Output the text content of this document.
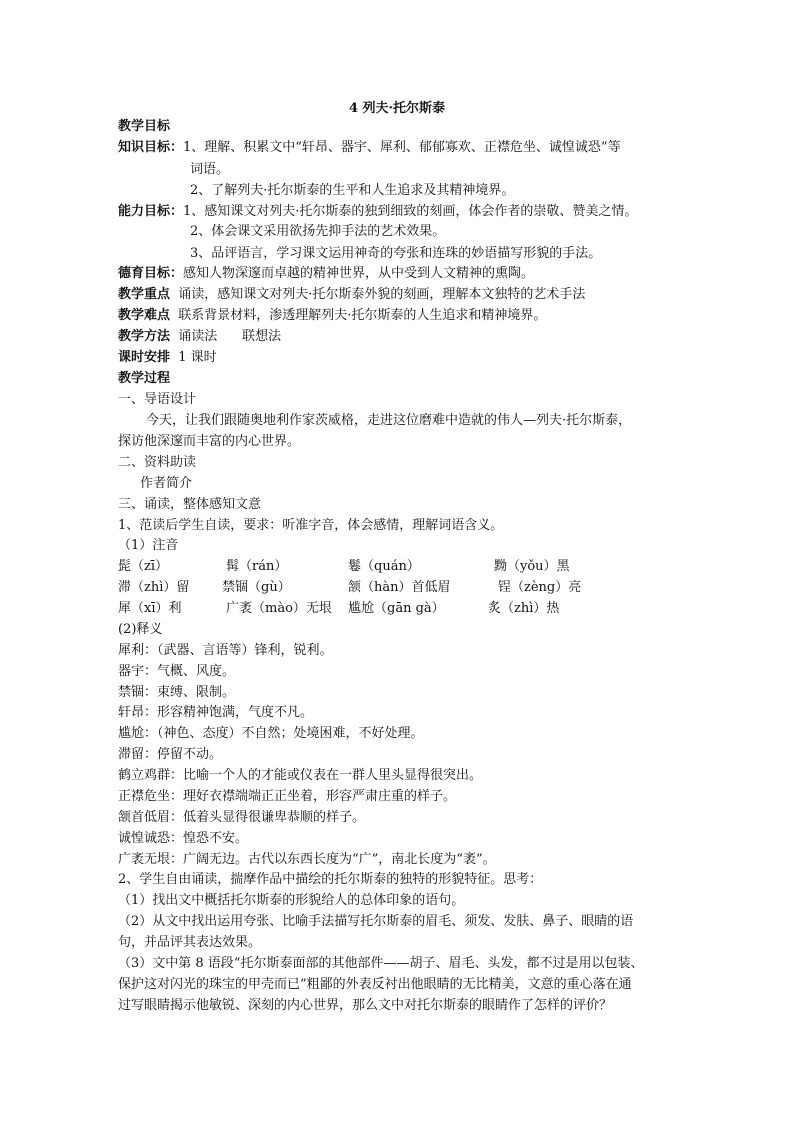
4 列夫·托尔斯泰
教学目标
知识目标：1、理解、积累文中“轩昂、器宇、犀利、郁郁寡欢、正襟危坐、诚惶诚恐”等
词语。
2、了解列夫·托尔斯泰的生平和人生追求及其精神境界。
能力目标：1、感知课文对列夫·托尔斯泰的独到细致的刻画，体会作者的崇敬、赞美之情。
2、体会课文采用欲扬先抑手法的艺术效果。
3、品评语言，学习课文运用神奇的夸张和连珠的妙语描写形貌的手法。
德育目标：感知人物深邃而卓越的精神世界，从中受到人文精神的熏陶。
教学重点 诵读，感知课文对列夫·托尔斯泰外貌的刻画，理解本文独特的艺术手法
教学难点 联系背景材料，渗透理解列夫·托尔斯泰的人生追求和精神境界。
教学方法 诵读法      联想法
课时安排 1 课时
教学过程
一、导语设计
今天，让我们跟随奥地利作家茨威格，走进这位磨难中造就的伟人—列夫·托尔斯泰，
探访他深邃而丰富的内心世界。
二、资料助读
作者简介
三、诵读，整体感知文意
1、范读后学生自读，要求：听准字音，体会感情，理解词语含义。
（1）注音
髭（zī）	髯（rán）	鬈（quán）	黝（yǒu）黑
滞（zhì）留	禁锢（gù）	颔（hàn）首低眉	锃（zèng）亮
犀（xī）利	广袤（mào）无垠 尴尬（gān gà）	炙（zhì）热
(2)释义
犀利：（武器、言语等）锋利，锐利。
器宇：气概、风度。
禁锢：束缚、限制。
轩昂：形容精神饱满，气度不凡。
尴尬：（神色、态度）不自然；处境困难，不好处理。
滞留：停留不动。
鹤立鸡群：比喻一个人的才能或仪表在一群人里头显得很突出。
正襟危坐：理好衣襟端端正正坐着，形容严肃庄重的样子。
颔首低眉：低着头显得很谦卑恭顺的样子。
诚惶诚恐：惶恐不安。
广袤无垠：广阔无边。古代以东西长度为“广”，南北长度为“袤”。
2、学生自由诵读，揣摩作品中描绘的托尔斯泰的独特的形貌特征。思考：
（1）找出文中概括托尔斯泰的形貌给人的总体印象的语句。
（2）从文中找出运用夸张、比喻手法描写托尔斯泰的眉毛、须发、发肤、鼻子、眼睛的语
句，并品评其表达效果。
（3）文中第 8 语段“托尔斯泰面部的其他部件——胡子、眉毛、头发，都不过是用以包装、
保护这对闪光的珠宝的甲壳而已”粗鄙的外表反衬出他眼睛的无比精美，文意的重心落在通
过写眼睛揭示他敏锐、深刻的内心世界，那么文中对托尔斯泰的眼睛作了怎样的评价？
